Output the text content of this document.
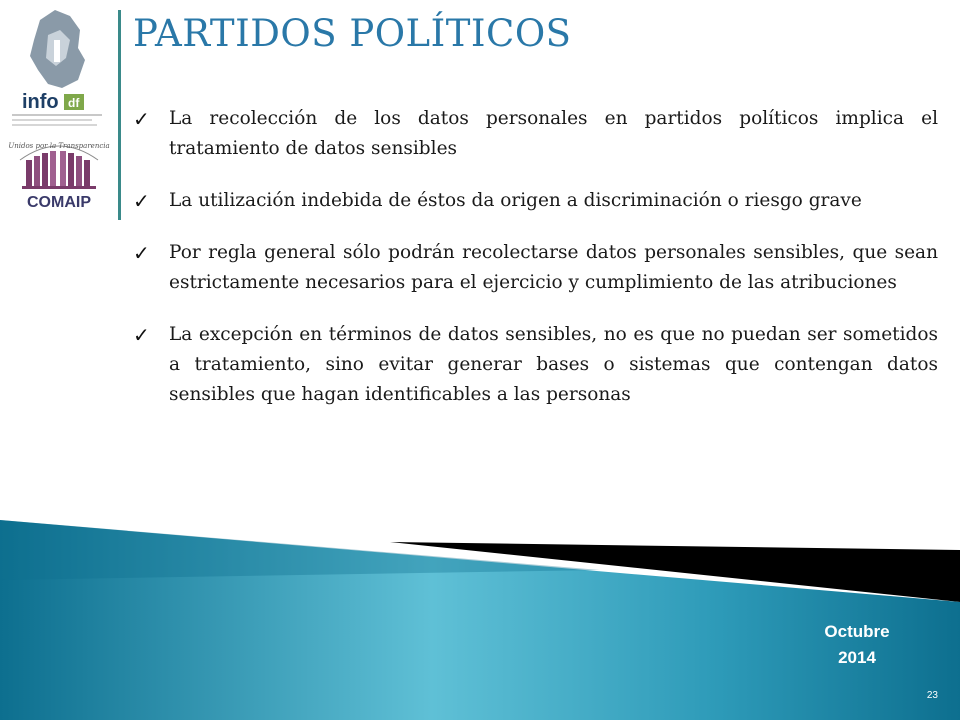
info df
Unidos por la Transparencia
COMAIP
PARTIDOS POLÍTICOS
✓	La recolección de los datos personales en partidos políticos implica el tratamiento de datos sensibles
✓	La utilización indebida de éstos da origen a discriminación o riesgo grave
✓	Por regla general sólo podrán recolectarse datos personales sensibles, que sean estrictamente necesarios para el ejercicio y cumplimiento de las atribuciones
✓	La excepción en términos de datos sensibles, no es que no puedan ser sometidos a tratamiento, sino evitar generar bases o sistemas que contengan datos sensibles que hagan identificables a las personas
Octubre
2014
23
